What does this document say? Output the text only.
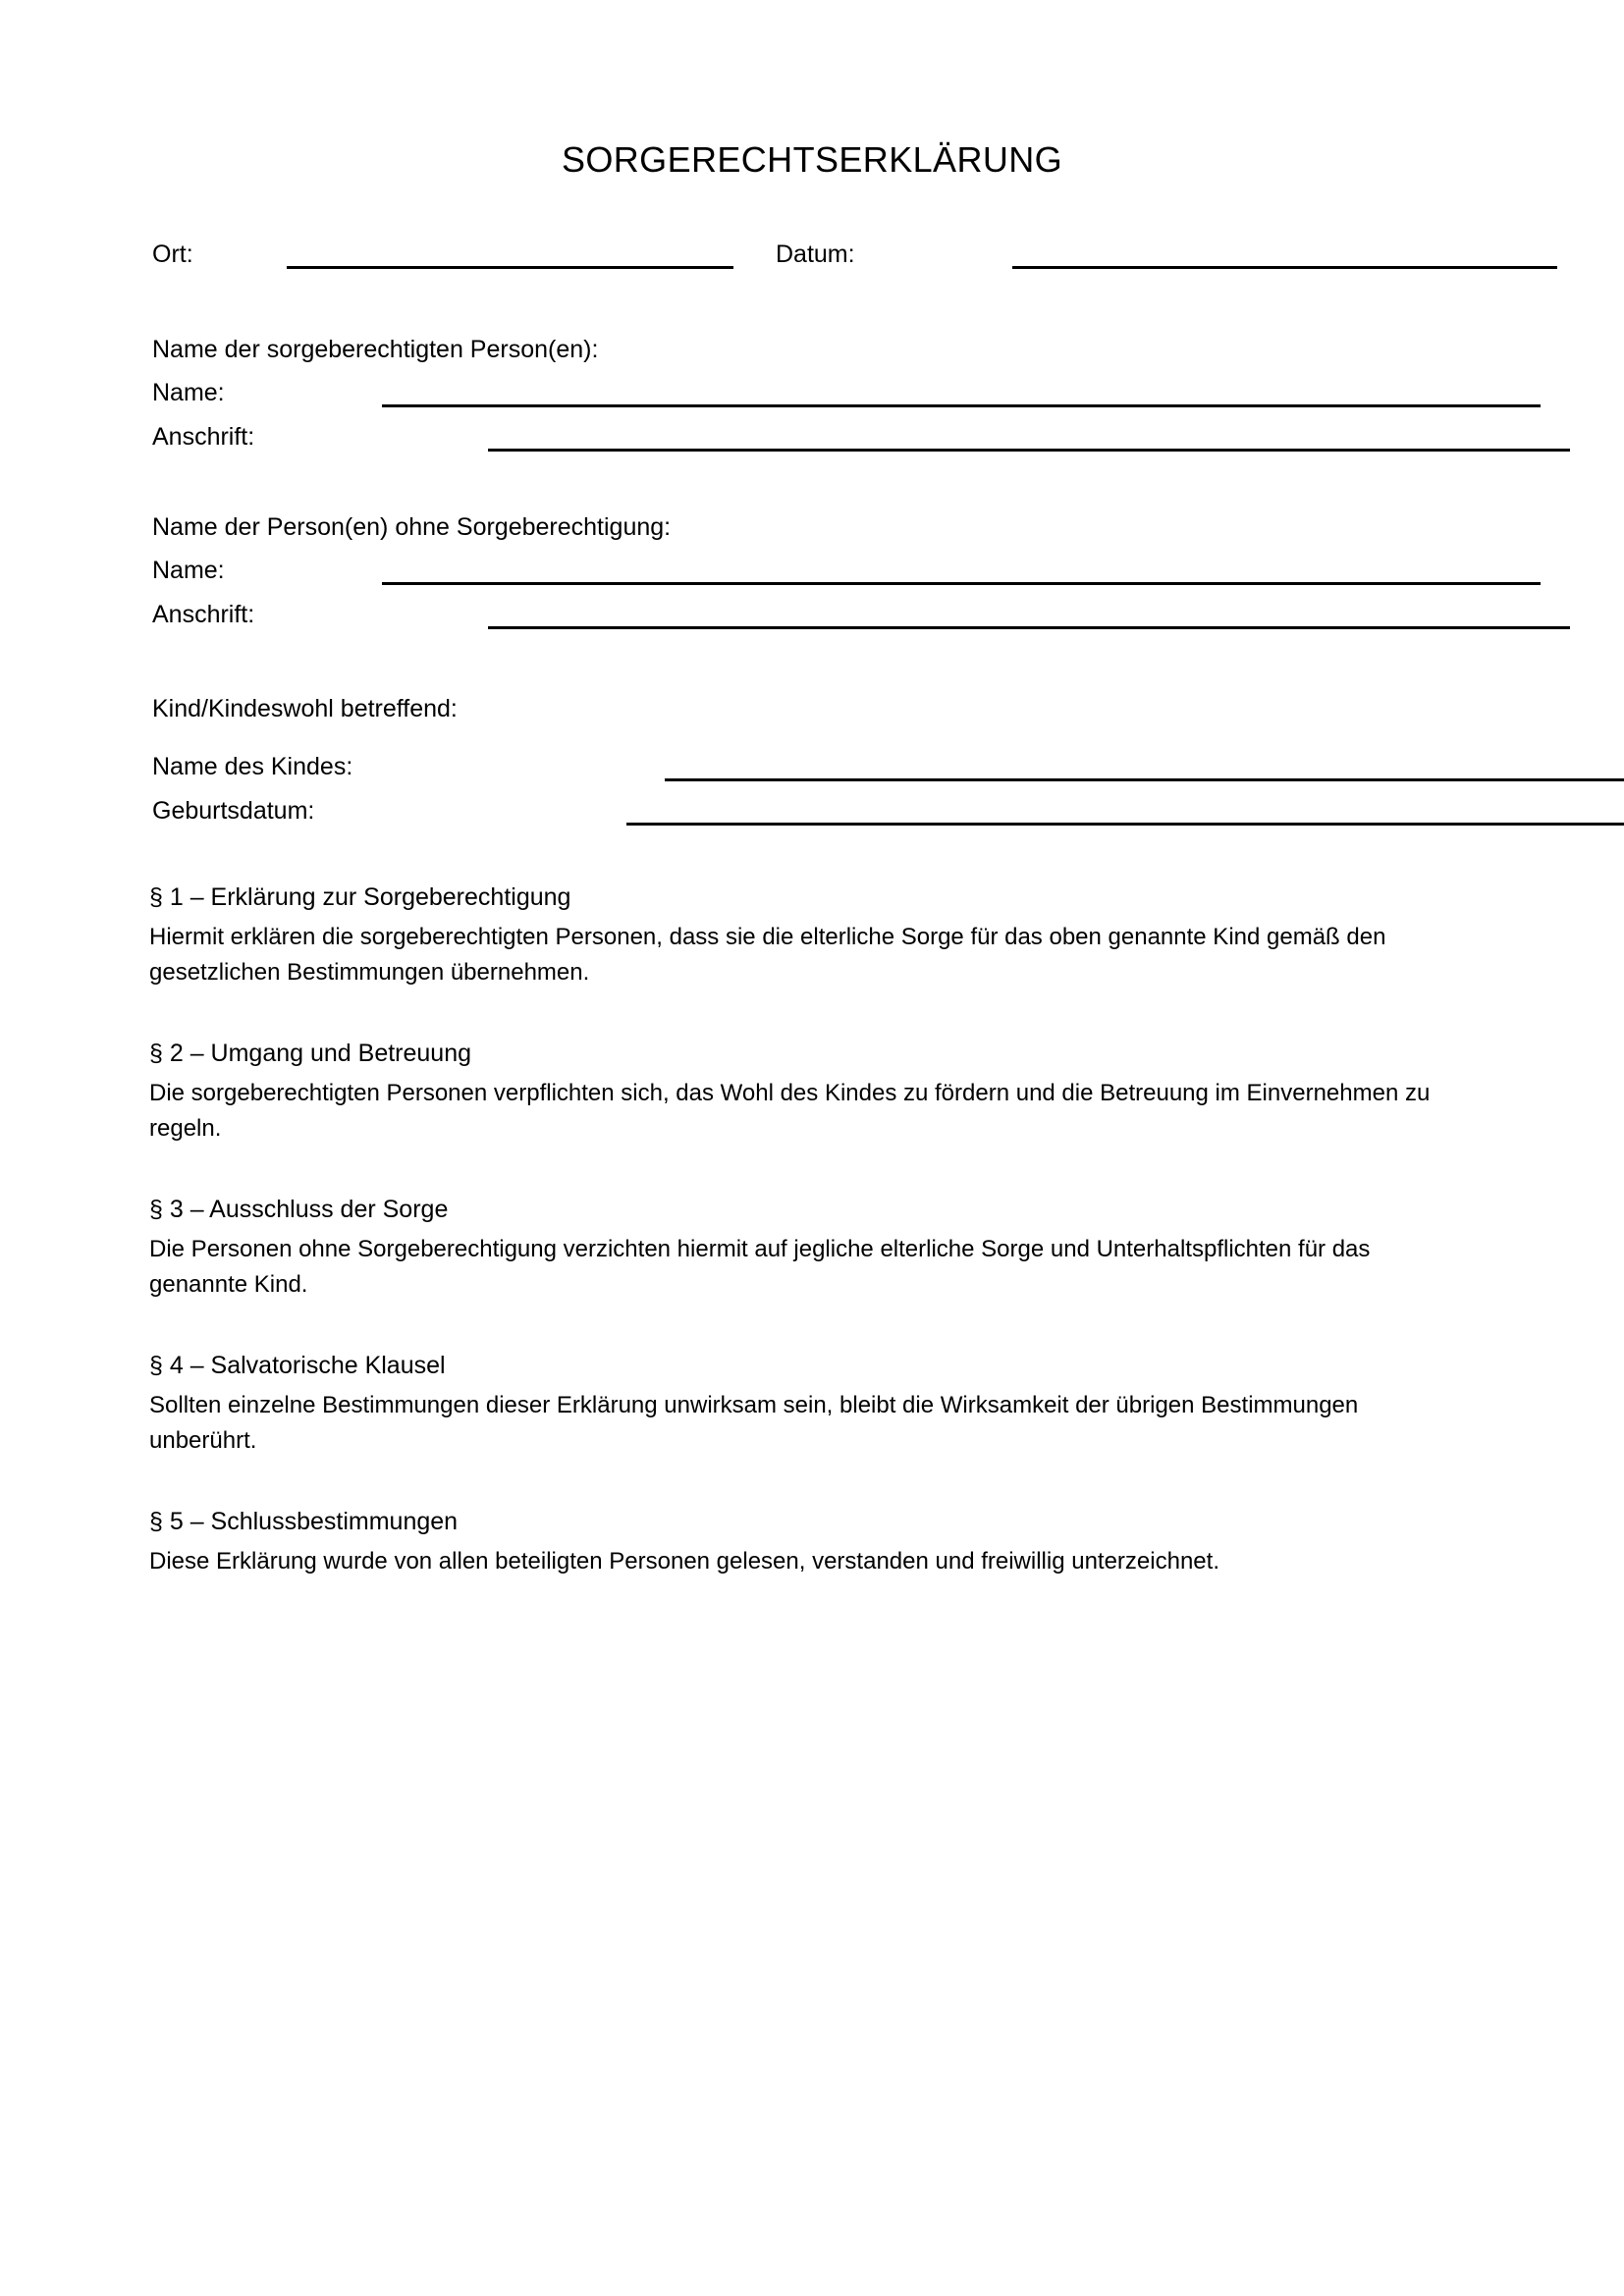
SORGERECHTSERKLÄRUNG
Ort:	Datum:
Name der sorgeberechtigten Person(en):
Name:
Anschrift:
Name der Person(en) ohne Sorgeberechtigung:
Name:
Anschrift:
Kind/Kindeswohl betreffend:
Name des Kindes:
Geburtsdatum:
§ 1 – Erklärung zur Sorgeberechtigung

Hiermit erklären die sorgeberechtigten Personen, dass sie die elterliche Sorge für das oben genannte Kind gemäß den gesetzlichen Bestimmungen übernehmen.

§ 2 – Umgang und Betreuung

Die sorgeberechtigten Personen verpflichten sich, das Wohl des Kindes zu fördern und die Betreuung im Einvernehmen zu regeln.

§ 3 – Ausschluss der Sorge

Die Personen ohne Sorgeberechtigung verzichten hiermit auf jegliche elterliche Sorge und Unterhaltspflichten für das genannte Kind.

§ 4 – Salvatorische Klausel

Sollten einzelne Bestimmungen dieser Erklärung unwirksam sein, bleibt die Wirksamkeit der übrigen Bestimmungen unberührt.

§ 5 – Schlussbestimmungen

Diese Erklärung wurde von allen beteiligten Personen gelesen, verstanden und freiwillig unterzeichnet.
